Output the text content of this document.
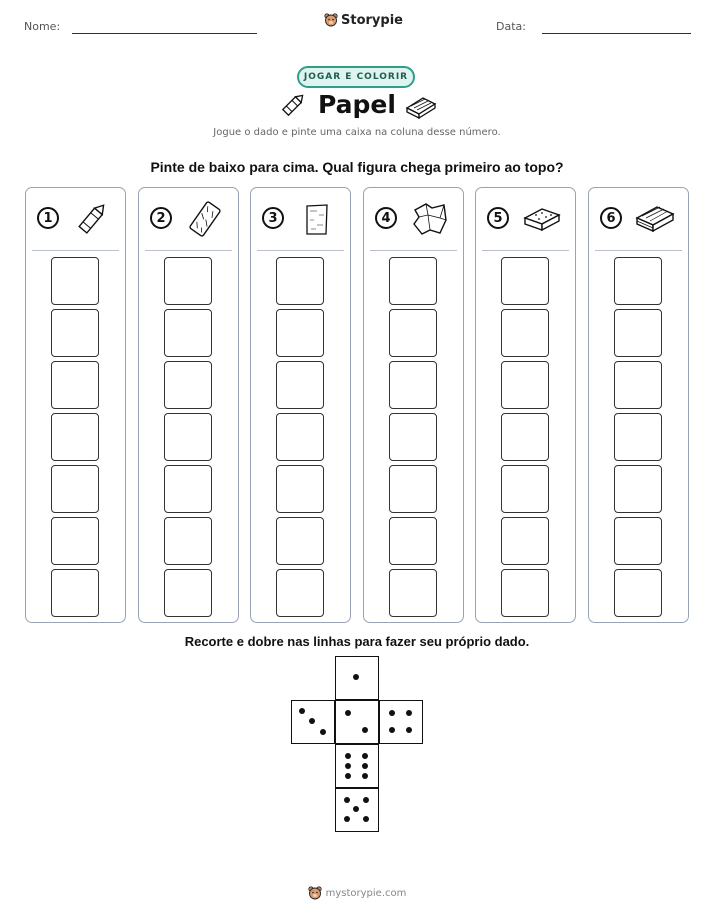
Nome:	Storypie	Data:
JOGAR E COLORIR
Papel
Jogue o dado e pinte uma caixa na coluna desse número.
Pinte de baixo para cima. Qual figura chega primeiro ao topo?
1	2	3	4	5	6
Recorte e dobre nas linhas para fazer seu próprio dado.
mystorypie.com
